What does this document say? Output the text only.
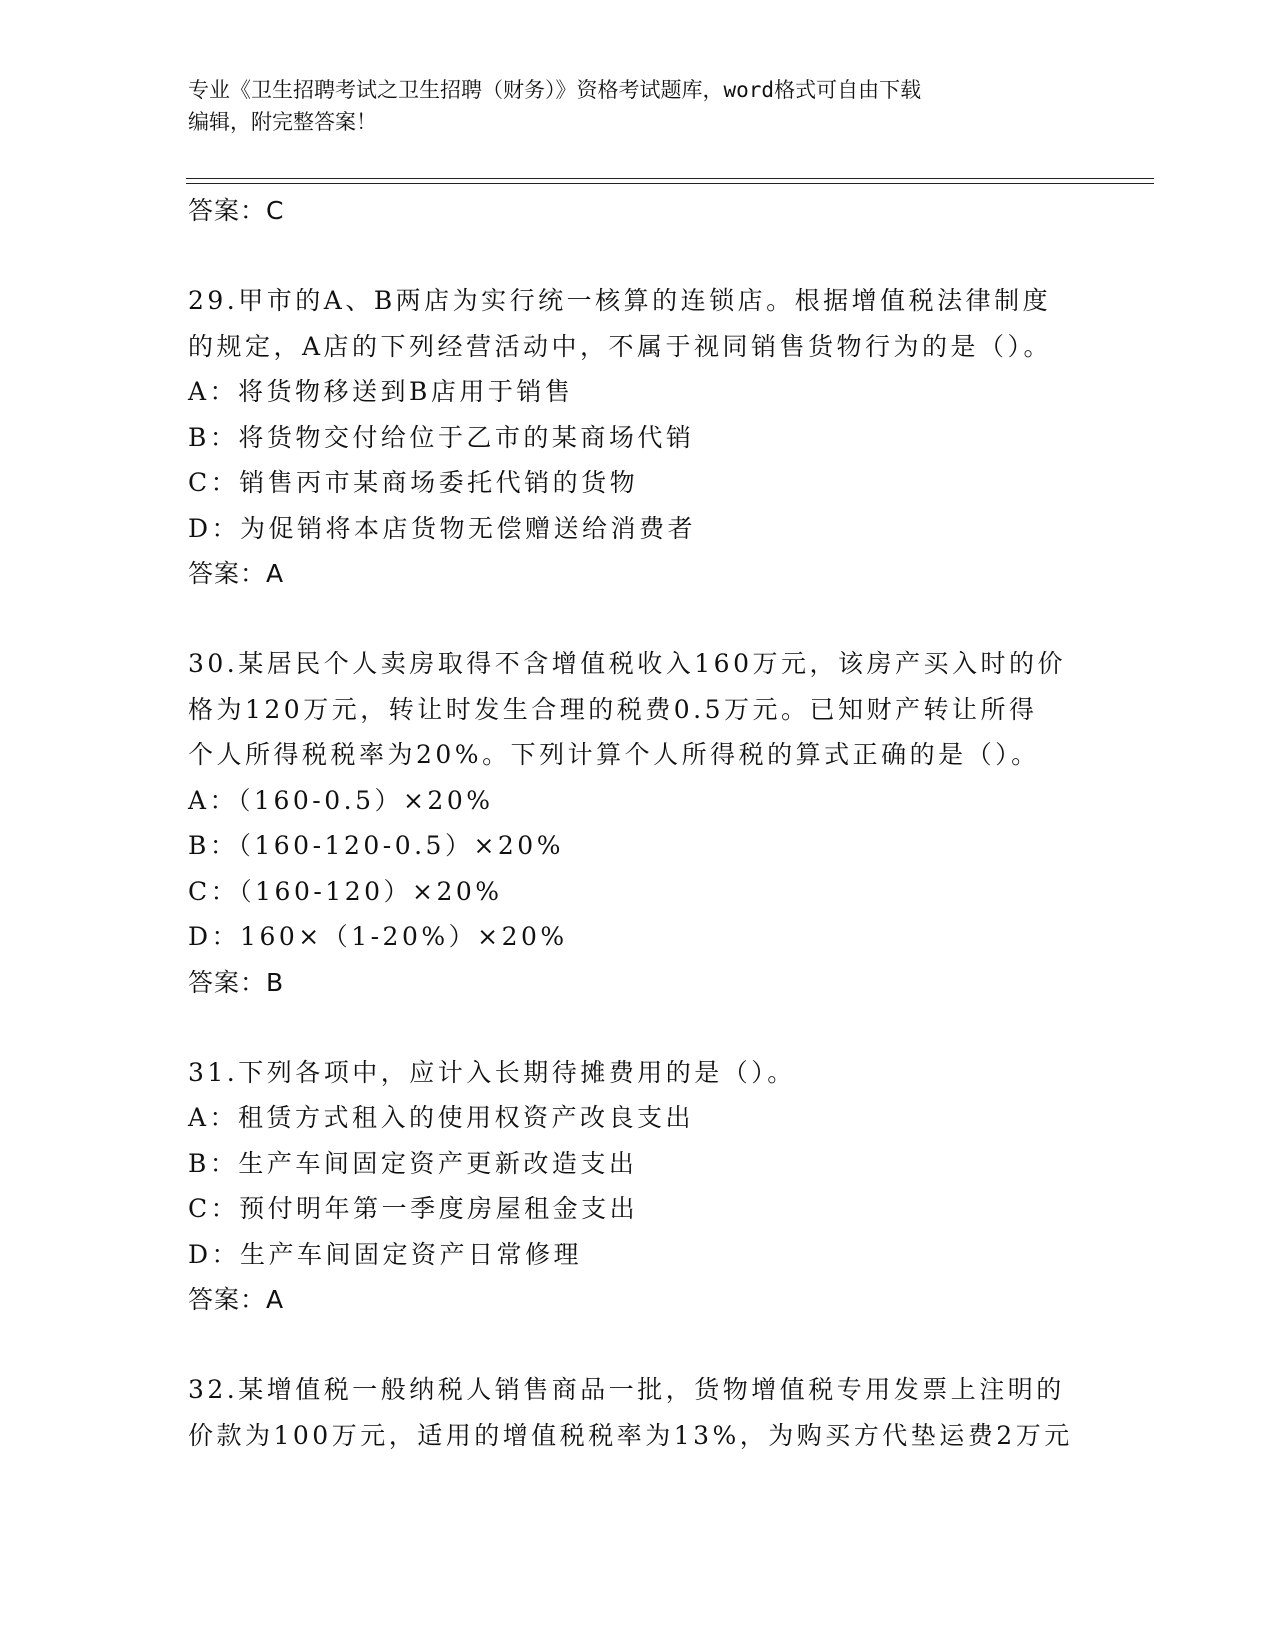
专业《卫生招聘考试之卫生招聘（财务）》资格考试题库，word格式可自由下载
编辑，附完整答案！
答案：C
29.甲市的A、B两店为实行统一核算的连锁店。根据增值税法律制度
的规定，A店的下列经营活动中，不属于视同销售货物行为的是（）。
A：将货物移送到B店用于销售
B：将货物交付给位于乙市的某商场代销
C：销售丙市某商场委托代销的货物
D：为促销将本店货物无偿赠送给消费者
答案：A
30.某居民个人卖房取得不含增值税收入160万元，该房产买入时的价
格为120万元，转让时发生合理的税费0.5万元。已知财产转让所得
个人所得税税率为20%。下列计算个人所得税的算式正确的是（）。
A：（160-0.5）×20%
B：（160-120-0.5）×20%
C：（160-120）×20%
D：160×（1-20%）×20%
答案：B
31.下列各项中，应计入长期待摊费用的是（）。
A：租赁方式租入的使用权资产改良支出
B：生产车间固定资产更新改造支出
C：预付明年第一季度房屋租金支出
D：生产车间固定资产日常修理
答案：A
32.某增值税一般纳税人销售商品一批，货物增值税专用发票上注明的
价款为100万元，适用的增值税税率为13%，为购买方代垫运费2万元
